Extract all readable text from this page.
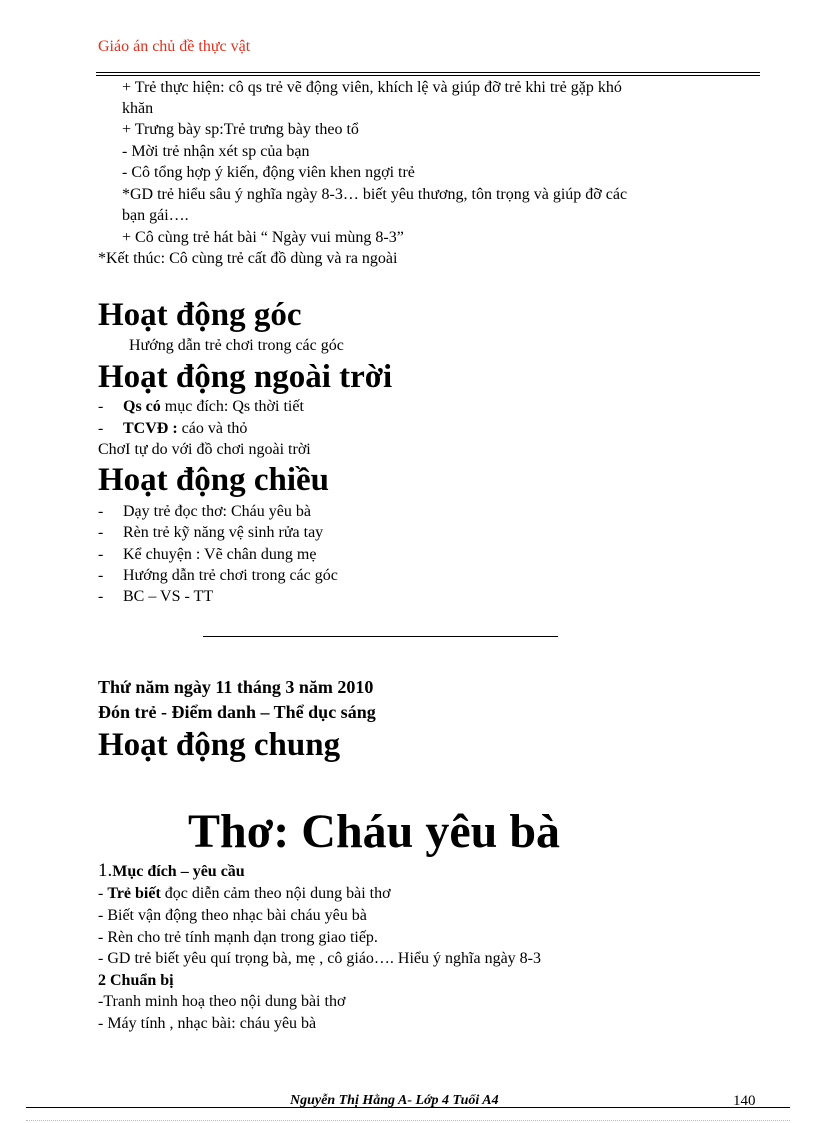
Giáo án chủ đề thực vật
+ Trẻ thực hiện: cô qs trẻ vẽ động viên, khích lệ và giúp đỡ trẻ khi trẻ gặp khó
khăn
+ Trưng bày sp:Trẻ trưng bày theo tổ
- Mời trẻ nhận xét sp của bạn
- Cô tổng hợp ý kiến, động viên khen ngợi trẻ
*GD trẻ hiểu sâu ý nghĩa ngày 8-3… biết yêu thương, tôn trọng và giúp đỡ các
bạn gái….
+ Cô cùng trẻ hát bài “ Ngày vui mùng 8-3”
*Kết thúc: Cô cùng trẻ cất đồ dùng và ra ngoài
Hoạt động góc
Hướng dẫn trẻ chơi trong các góc
Hoạt động ngoài trời
- Qs có mục đích: Qs thời tiết
- TCVĐ : cáo và thỏ
ChơI tự do với đồ chơi ngoài trời
Hoạt động chiều
- Dạy trẻ đọc thơ: Cháu yêu bà
- Rèn trẻ kỹ năng vệ sinh rửa tay
- Kể chuyện : Vẽ chân dung mẹ
- Hướng dẫn trẻ chơi trong các góc
- BC – VS - TT
Thứ năm ngày 11 tháng 3 năm 2010
Đón trẻ - Điểm danh – Thể dục sáng
Hoạt động chung
Thơ: Cháu yêu bà
1.Mục đích – yêu cầu
- Trẻ biết đọc diễn cảm theo nội dung bài thơ
- Biết vận động theo nhạc bài cháu yêu bà
- Rèn cho trẻ tính mạnh dạn trong giao tiếp.
- GD trẻ biết yêu quí trọng bà, mẹ , cô giáo…. Hiểu ý nghĩa ngày 8-3
2 Chuẩn bị
-Tranh minh hoạ theo nội dung bài thơ
- Máy tính , nhạc bài: cháu yêu bà
Nguyễn Thị Hằng A- Lớp 4 Tuổi A4	140
